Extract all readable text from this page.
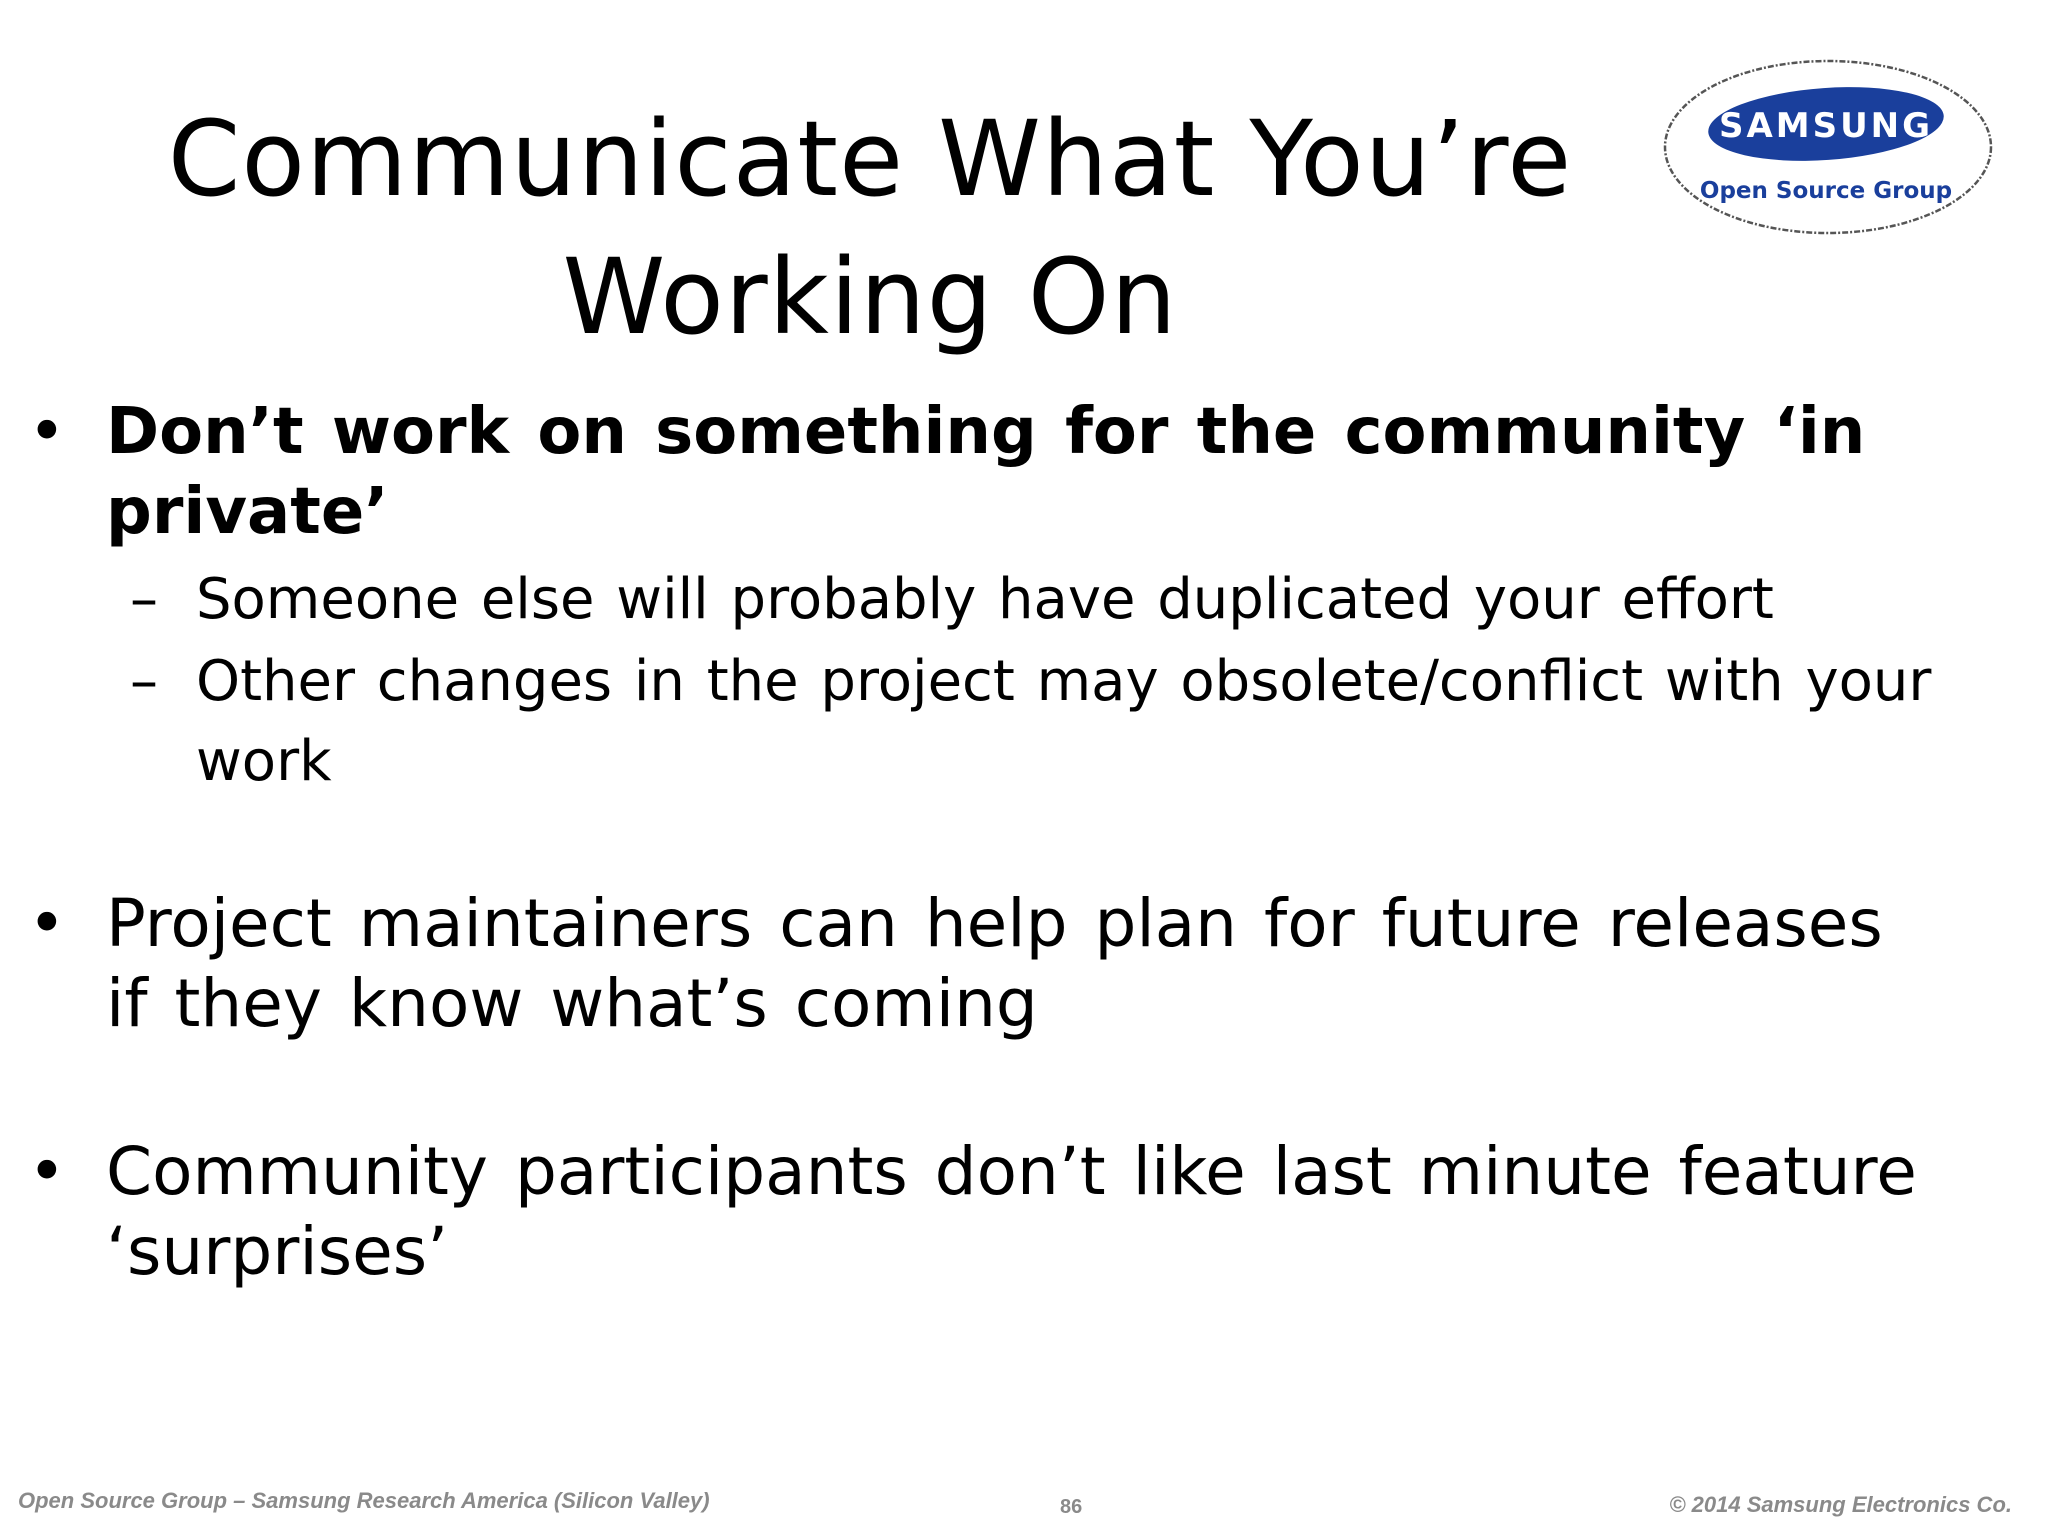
Communicate What You’re
Working On
SAMSUNG
Open Source Group
• Don’t work on something for the community ‘in private’
– Someone else will probably have duplicated your effort
– Other changes in the project may obsolete/conflict with your work
• Project maintainers can help plan for future releases if they know what’s coming
• Community participants don’t like last minute feature ‘surprises’
Open Source Group – Samsung Research America (Silicon Valley)	86	© 2014 Samsung Electronics Co.
